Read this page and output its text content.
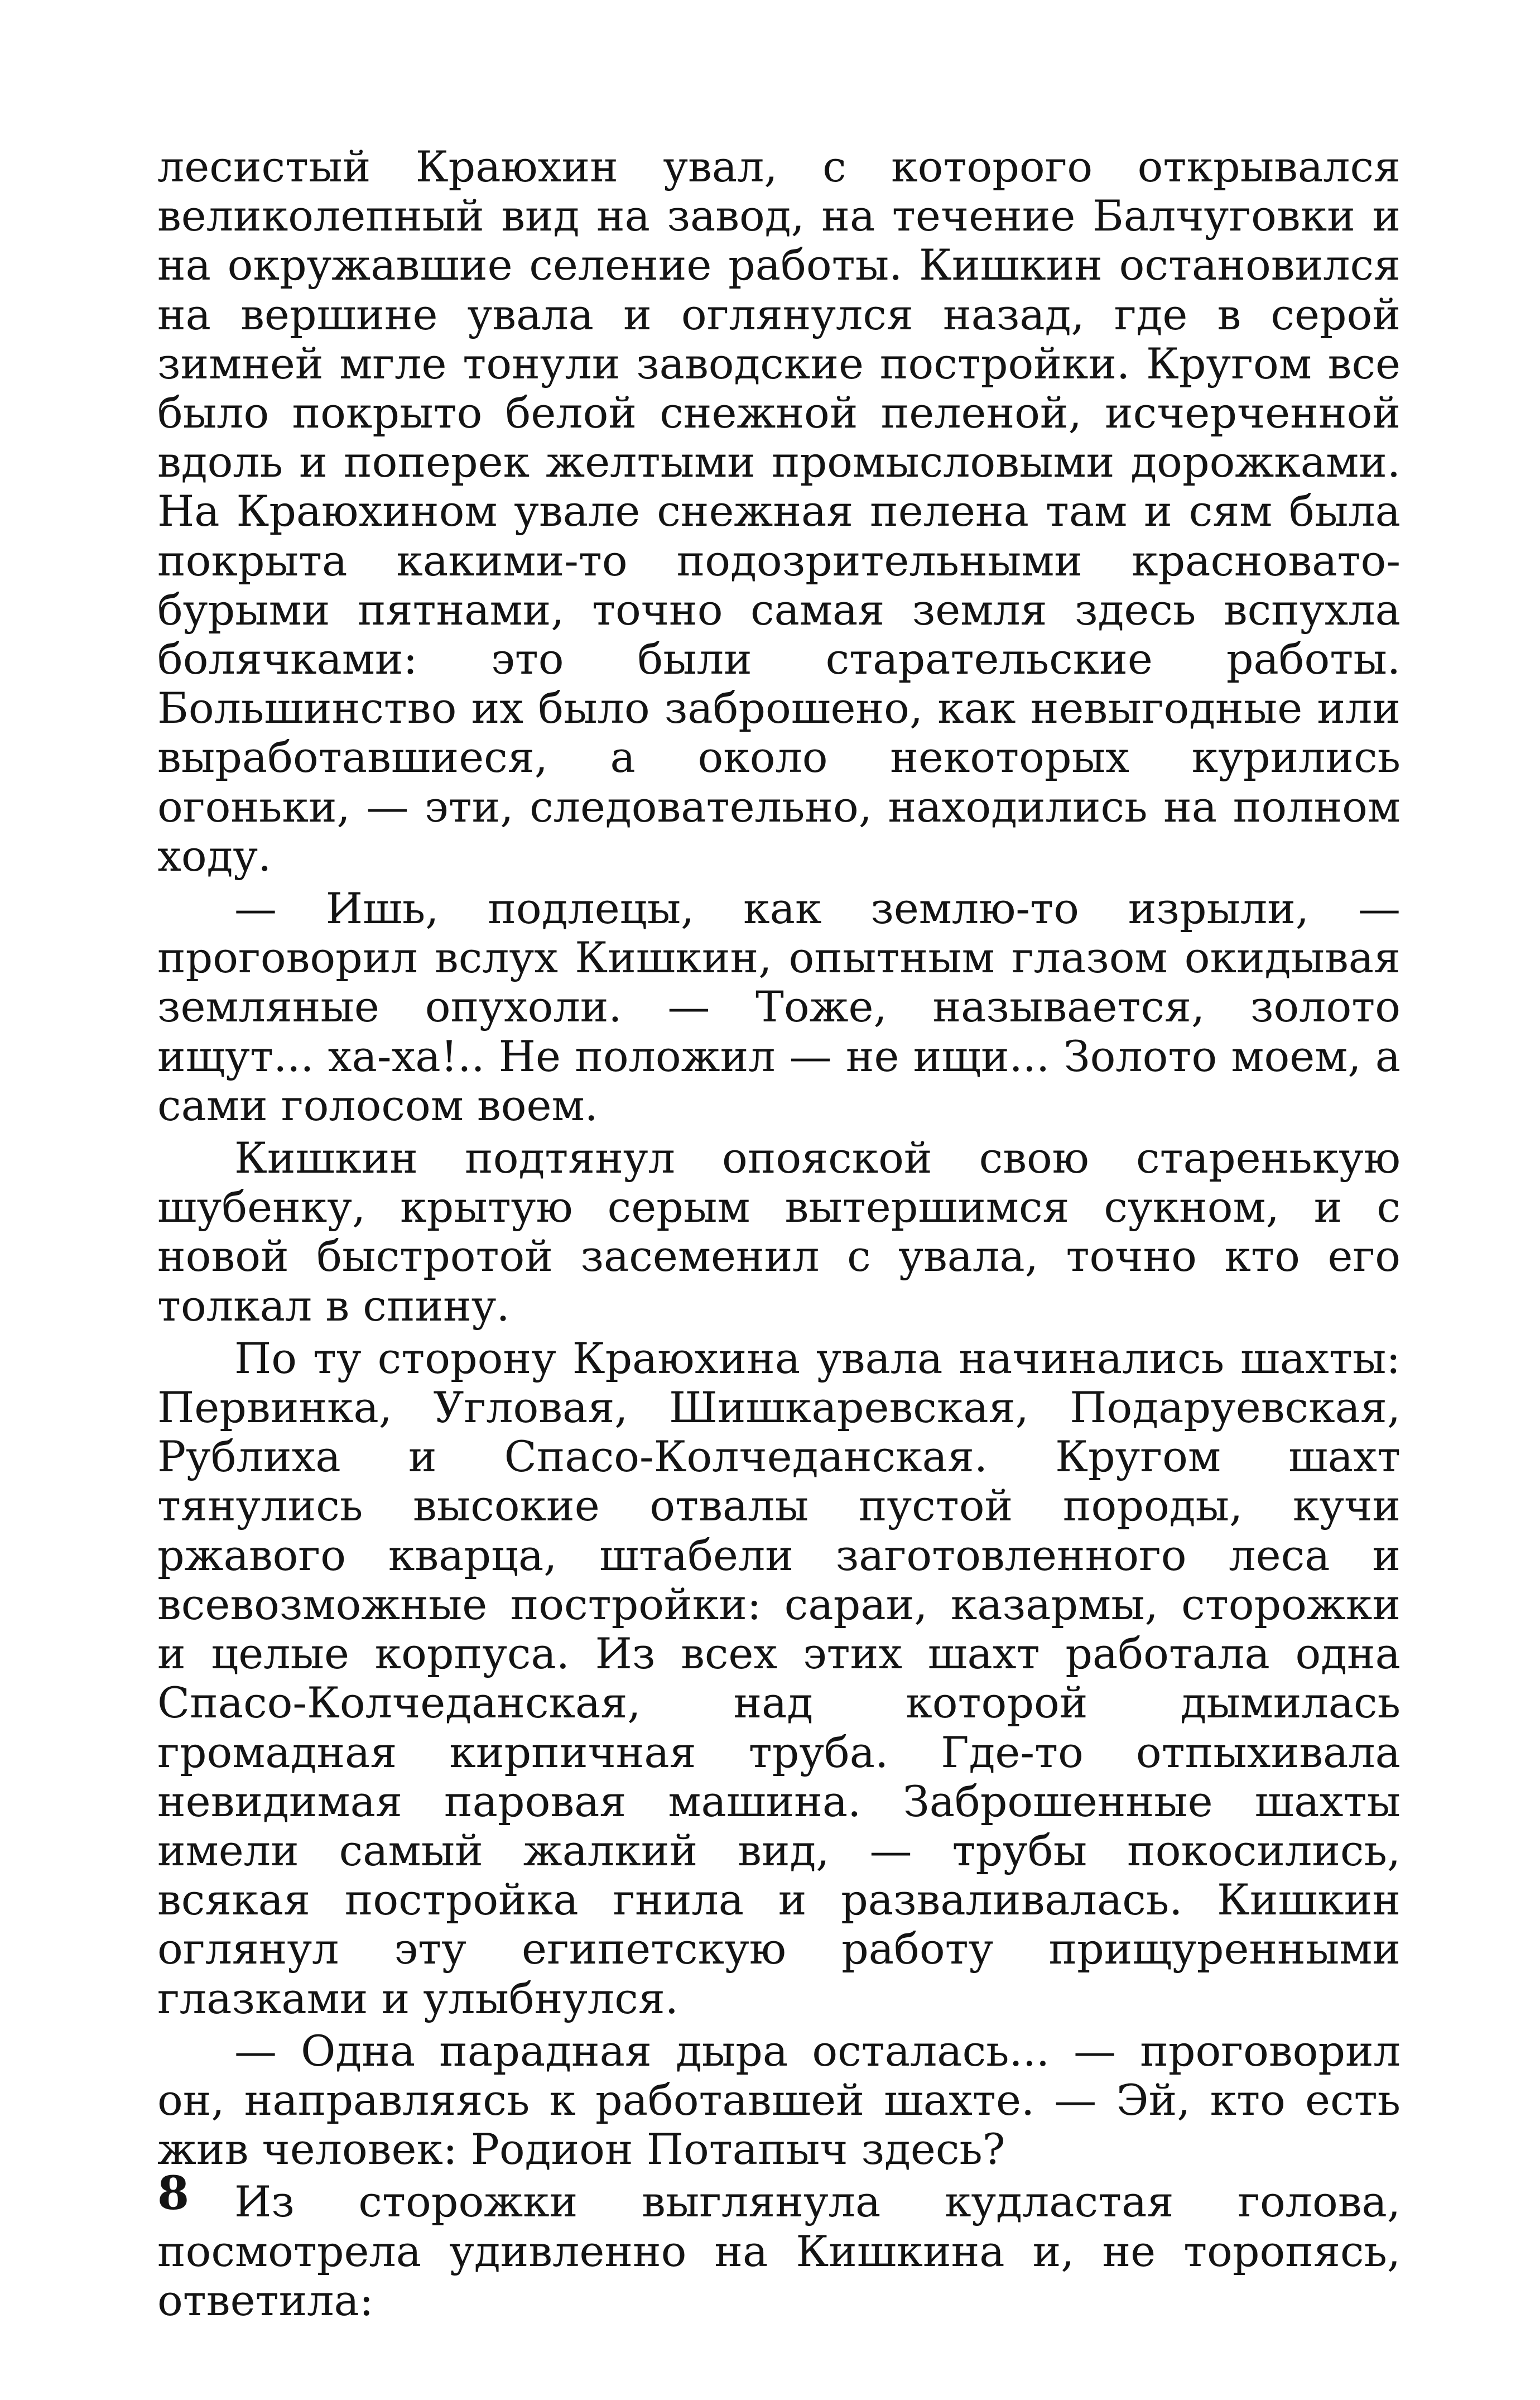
лесистый Краюхин увал, с которого открывался великолепный вид на завод, на течение Балчуговки и на окружавшие селение работы. Кишкин остановился на вершине увала и оглянулся назад, где в серой зимней мгле тонули заводские постройки. Кругом все было покрыто белой снежной пеленой, исчерченной вдоль и поперек желтыми промысловыми дорожками. На Краюхином увале снежная пелена там и сям была покрыта какими-то подозрительными красновато-бурыми пятнами, точно самая земля здесь вспухла болячками: это были старательские работы. Большинство их было заброшено, как невыгодные или выработавшиеся, а около некоторых курились огоньки, — эти, следовательно, находились на полном ходу.

— Ишь, подлецы, как землю-то изрыли, — проговорил вслух Кишкин, опытным глазом окидывая земляные опухоли. — Тоже, называется, золото ищут... ха-ха!.. Не положил — не ищи... Золото моем, а сами голосом воем.

Кишкин подтянул опояской свою старенькую шубенку, крытую серым вытершимся сукном, и с новой быстротой засеменил с увала, точно кто его толкал в спину.

По ту сторону Краюхина увала начинались шахты: Первинка, Угловая, Шишкаревская, Подаруевская, Рублиха и Спасо-Колчеданская. Кругом шахт тянулись высокие отвалы пустой породы, кучи ржавого кварца, штабели заготовленного леса и всевозможные постройки: сараи, казармы, сторожки и целые корпуса. Из всех этих шахт работала одна Спасо-Колчеданская, над которой дымилась громадная кирпичная труба. Где-то отпыхивала невидимая паровая машина. Заброшенные шахты имели самый жалкий вид, — трубы покосились, всякая постройка гнила и разваливалась. Кишкин оглянул эту египетскую работу прищуренными глазками и улыбнулся.

— Одна парадная дыра осталась... — проговорил он, направляясь к работавшей шахте. — Эй, кто есть жив человек: Родион Потапыч здесь?

Из сторожки выглянула кудластая голова, посмотрела удивленно на Кишкина и, не торопясь, ответила:

8
